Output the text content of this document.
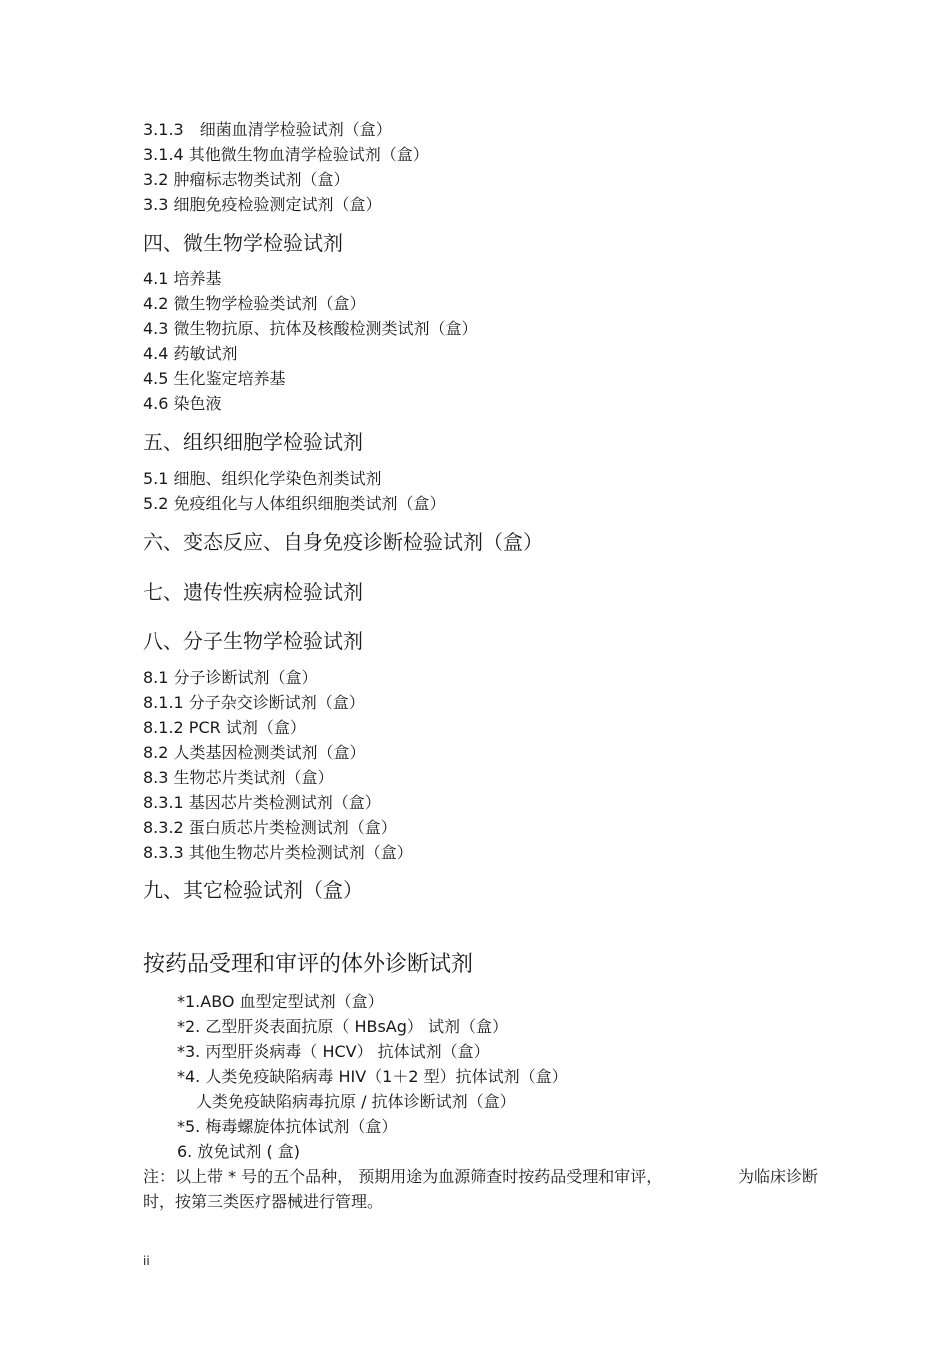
3.1.3　细菌血清学检验试剂（盒）

3.1.4 其他微生物血清学检验试剂（盒）

3.2 肿瘤标志物类试剂（盒）

3.3 细胞免疫检验测定试剂（盒）

四、微生物学检验试剂

4.1 培养基

4.2 微生物学检验类试剂（盒）

4.3 微生物抗原、抗体及核酸检测类试剂（盒）

4.4 药敏试剂

4.5 生化鉴定培养基

4.6 染色液

五、组织细胞学检验试剂

5.1 细胞、组织化学染色剂类试剂

5.2 免疫组化与人体组织细胞类试剂（盒）

六、变态反应、自身免疫诊断检验试剂（盒）

七、遗传性疾病检验试剂

八、分子生物学检验试剂

8.1 分子诊断试剂（盒）

8.1.1 分子杂交诊断试剂（盒）

8.1.2 PCR 试剂（盒）

8.2 人类基因检测类试剂（盒）

8.3 生物芯片类试剂（盒）

8.3.1 基因芯片类检测试剂（盒）

8.3.2 蛋白质芯片类检测试剂（盒）

8.3.3 其他生物芯片类检测试剂（盒）

九、其它检验试剂（盒）

按药品受理和审评的体外诊断试剂

*1.ABO 血型定型试剂（盒）

*2. 乙型肝炎表面抗原（ HBsAg） 试剂（盒）

*3. 丙型肝炎病毒（ HCV） 抗体试剂（盒）

*4. 人类免疫缺陷病毒 HIV（1＋2 型）抗体试剂（盒）

人类免疫缺陷病毒抗原 / 抗体诊断试剂（盒）

*5. 梅毒螺旋体抗体试剂（盒）

6. 放免试剂 ( 盒)

注：以上带 * 号的五个品种， 预期用途为血源筛查时按药品受理和审评，	为临床诊断

时，按第三类医疗器械进行管理。

ii
